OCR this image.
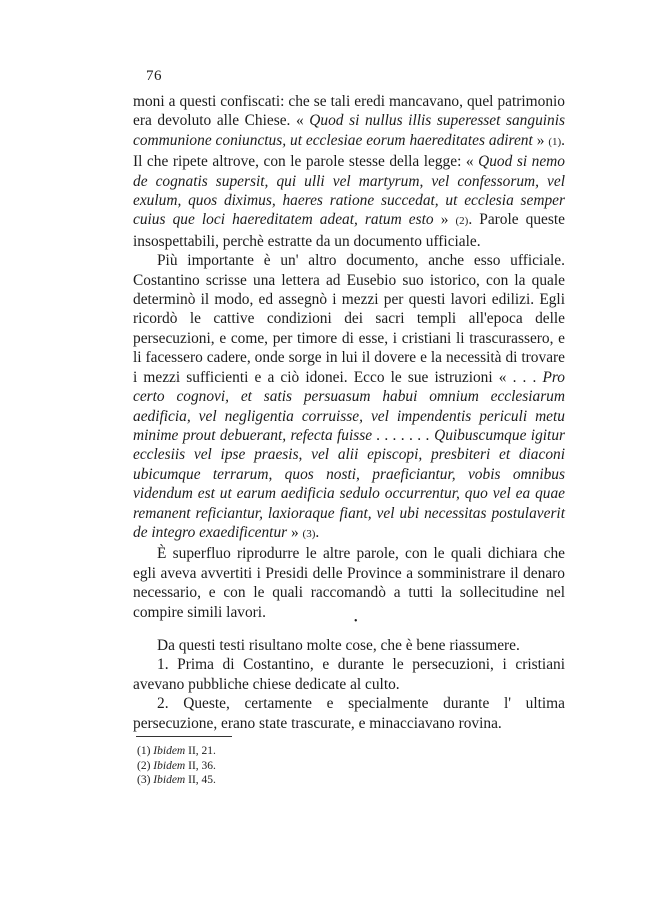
76

moni a questi confiscati: che se tali eredi mancavano, quel patrimonio era devoluto alle Chiese. « Quod si nullus illis superesset sanguinis communione coniunctus, ut ecclesiae eorum haereditates adirent » (1). Il che ripete altrove, con le parole stesse della legge: « Quod si nemo de cognatis supersit, qui ulli vel martyrum, vel confessorum, vel exulum, quos diximus, haeres ratione succedat, ut ecclesia semper cuius que loci haereditatem adeat, ratum esto » (2). Parole queste insospettabili, perchè estratte da un documento ufficiale.

Più importante è un' altro documento, anche esso ufficiale. Costantino scrisse una lettera ad Eusebio suo istorico, con la quale determinò il modo, ed assegnò i mezzi per questi lavori edilizi. Egli ricordò le cattive condizioni dei sacri templi all'epoca delle persecuzioni, e come, per timore di esse, i cristiani li trascurassero, e li facessero cadere, onde sorge in lui il dovere e la necessità di trovare i mezzi sufficienti e a ciò idonei. Ecco le sue istruzioni « . . . Pro certo cognovi, et satis persuasum habui omnium ecclesiarum aedificia, vel negligentia corruisse, vel impendentis periculi metu minime prout debuerant, refecta fuisse . . . . . . . Quibuscumque igitur ecclesiis vel ipse praesis, vel alii episcopi, presbiteri et diaconi ubicumque terrarum, quos nosti, praeficiantur, vobis omnibus videndum est ut earum aedificia sedulo occurrentur, quo vel ea quae remanent reficiantur, laxioraque fiant, vel ubi necessitas postulaverit de integro exaedificentur » (3).

È superfluo riprodurre le altre parole, con le quali dichiara che egli aveva avvertiti i Presidi delle Province a somministrare il denaro necessario, e con le quali raccomandò a tutti la sollecitudine nel compire simili lavori.

•

Da questi testi risultano molte cose, che è bene riassumere.

1. Prima di Costantino, e durante le persecuzioni, i cristiani avevano pubbliche chiese dedicate al culto.

2. Queste, certamente e specialmente durante l' ultima persecuzione, erano state trascurate, e minacciavano rovina.

(1) Ibidem II, 21.
(2) Ibidem II, 36.
(3) Ibidem II, 45.
